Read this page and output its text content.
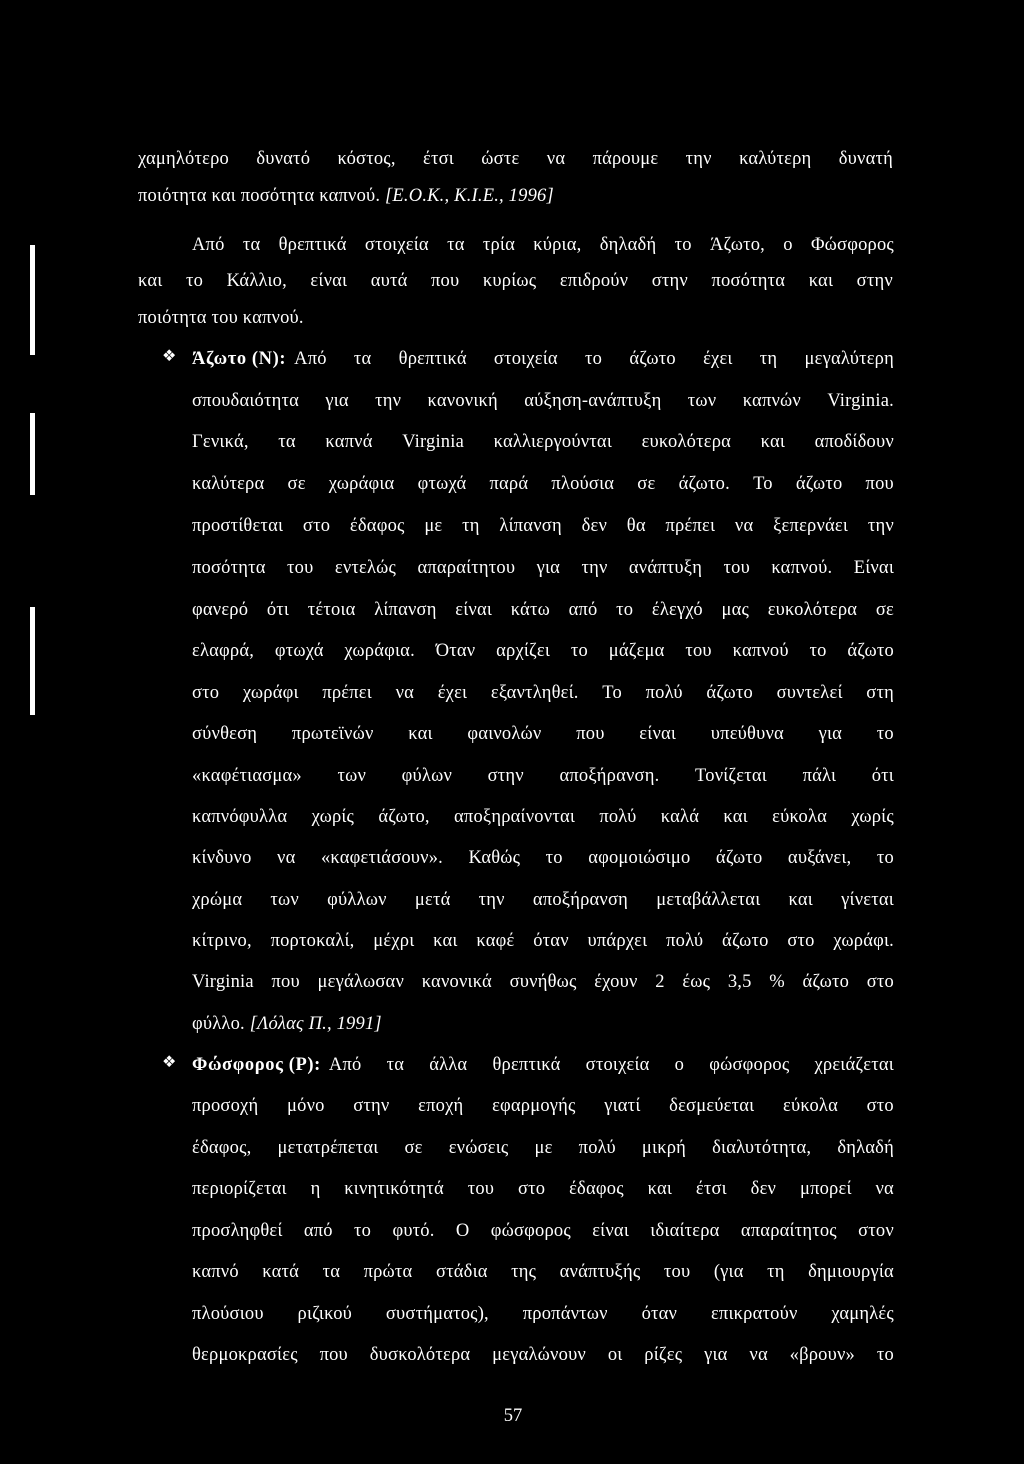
χαμηλότερο δυνατό κόστος, έτσι ώστε να πάρουμε την καλύτερη δυνατή
ποιότητα και ποσότητα καπνού. [Ε.Ο.Κ., Κ.Ι.Ε., 1996]
Από τα θρεπτικά στοιχεία τα τρία κύρια, δηλαδή το Άζωτο, ο Φώσφορος
και το Κάλλιο, είναι αυτά που κυρίως επιδρούν στην ποσότητα και στην
ποιότητα του καπνού.
❖ Άζωτο (Ν): Από τα θρεπτικά στοιχεία το άζωτο έχει τη μεγαλύτερη
σπουδαιότητα για την κανονική αύξηση-ανάπτυξη των καπνών Virginia.
Γενικά, τα καπνά Virginia καλλιεργούνται ευκολότερα και αποδίδουν
καλύτερα σε χωράφια φτωχά παρά πλούσια σε άζωτο. Το άζωτο που
προστίθεται στο έδαφος με τη λίπανση δεν θα πρέπει να ξεπερνάει την
ποσότητα του εντελώς απαραίτητου για την ανάπτυξη του καπνού. Είναι
φανερό ότι τέτοια λίπανση είναι κάτω από το έλεγχό μας ευκολότερα σε
ελαφρά, φτωχά χωράφια. Όταν αρχίζει το μάζεμα του καπνού το άζωτο
στο χωράφι πρέπει να έχει εξαντληθεί. Το πολύ άζωτο συντελεί στη
σύνθεση πρωτεϊνών και φαινολών που είναι υπεύθυνα για το
«καφέτιασμα» των φύλων στην αποξήρανση. Τονίζεται πάλι ότι
καπνόφυλλα χωρίς άζωτο, αποξηραίνονται πολύ καλά και εύκολα χωρίς
κίνδυνο να «καφετιάσουν». Καθώς το αφομοιώσιμο άζωτο αυξάνει, το
χρώμα των φύλλων μετά την αποξήρανση μεταβάλλεται και γίνεται
κίτρινο, πορτοκαλί, μέχρι και καφέ όταν υπάρχει πολύ άζωτο στο χωράφι.
Virginia που μεγάλωσαν κανονικά συνήθως έχουν 2 έως 3,5 % άζωτο στο
φύλλο. [Λόλας Π., 1991]
❖ Φώσφορος (Ρ): Από τα άλλα θρεπτικά στοιχεία ο φώσφορος χρειάζεται
προσοχή μόνο στην εποχή εφαρμογής γιατί δεσμεύεται εύκολα στο
έδαφος, μετατρέπεται σε ενώσεις με πολύ μικρή διαλυτότητα, δηλαδή
περιορίζεται η κινητικότητά του στο έδαφος και έτσι δεν μπορεί να
προσληφθεί από το φυτό. Ο φώσφορος είναι ιδιαίτερα απαραίτητος στον
καπνό κατά τα πρώτα στάδια της ανάπτυξής του (για τη δημιουργία
πλούσιου ριζικού συστήματος), προπάντων όταν επικρατούν χαμηλές
θερμοκρασίες που δυσκολότερα μεγαλώνουν οι ρίζες για να «βρουν» το
57
